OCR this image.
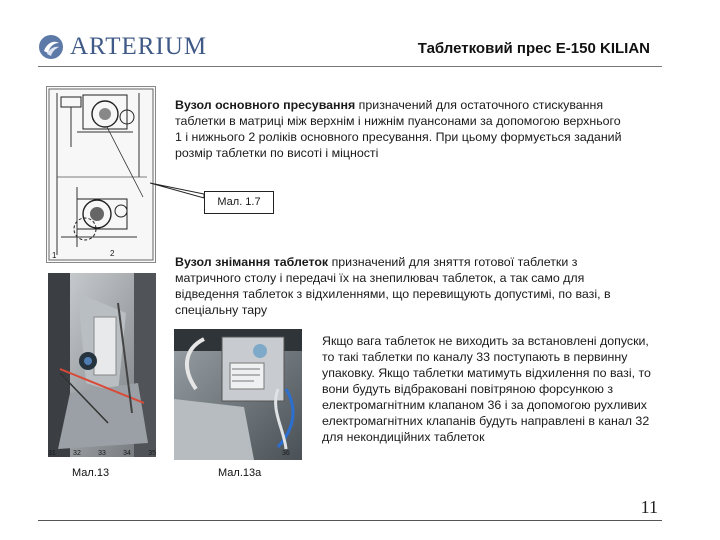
ARTERIUM	Таблетковий прес Е-150 KILIAN
1	2
Мал. 1.7
Вузол основного пресування призначений для остаточного стискування таблетки в матриці між верхнім і нижнім пуансонами за допомогою верхнього 1 і нижнього 2 роліків основного пресування. При цьому формується заданий розмір таблетки по висоті і міцності
Вузол знімання таблеток призначений для зняття готової таблетки з матричного столу і передачі їх на знепилювач таблеток, а так само для відведення таблеток з відхиленнями, що перевищують допустимі, по вазі, в спеціальну тару
31 32 33 34 35
Мал.13
36
Мал.13а
Якщо вага таблеток не виходить за встановлені допуски, то такі таблетки по каналу 33 поступають в первинну упаковку. Якщо таблетки матимуть відхилення по вазі, то вони будуть відбраковані повітряною форсункою з електромагнітним клапаном 36 і за допомогою рухливих електромагнітних клапанів будуть направлені в канал 32 для некондиційних таблеток
11
